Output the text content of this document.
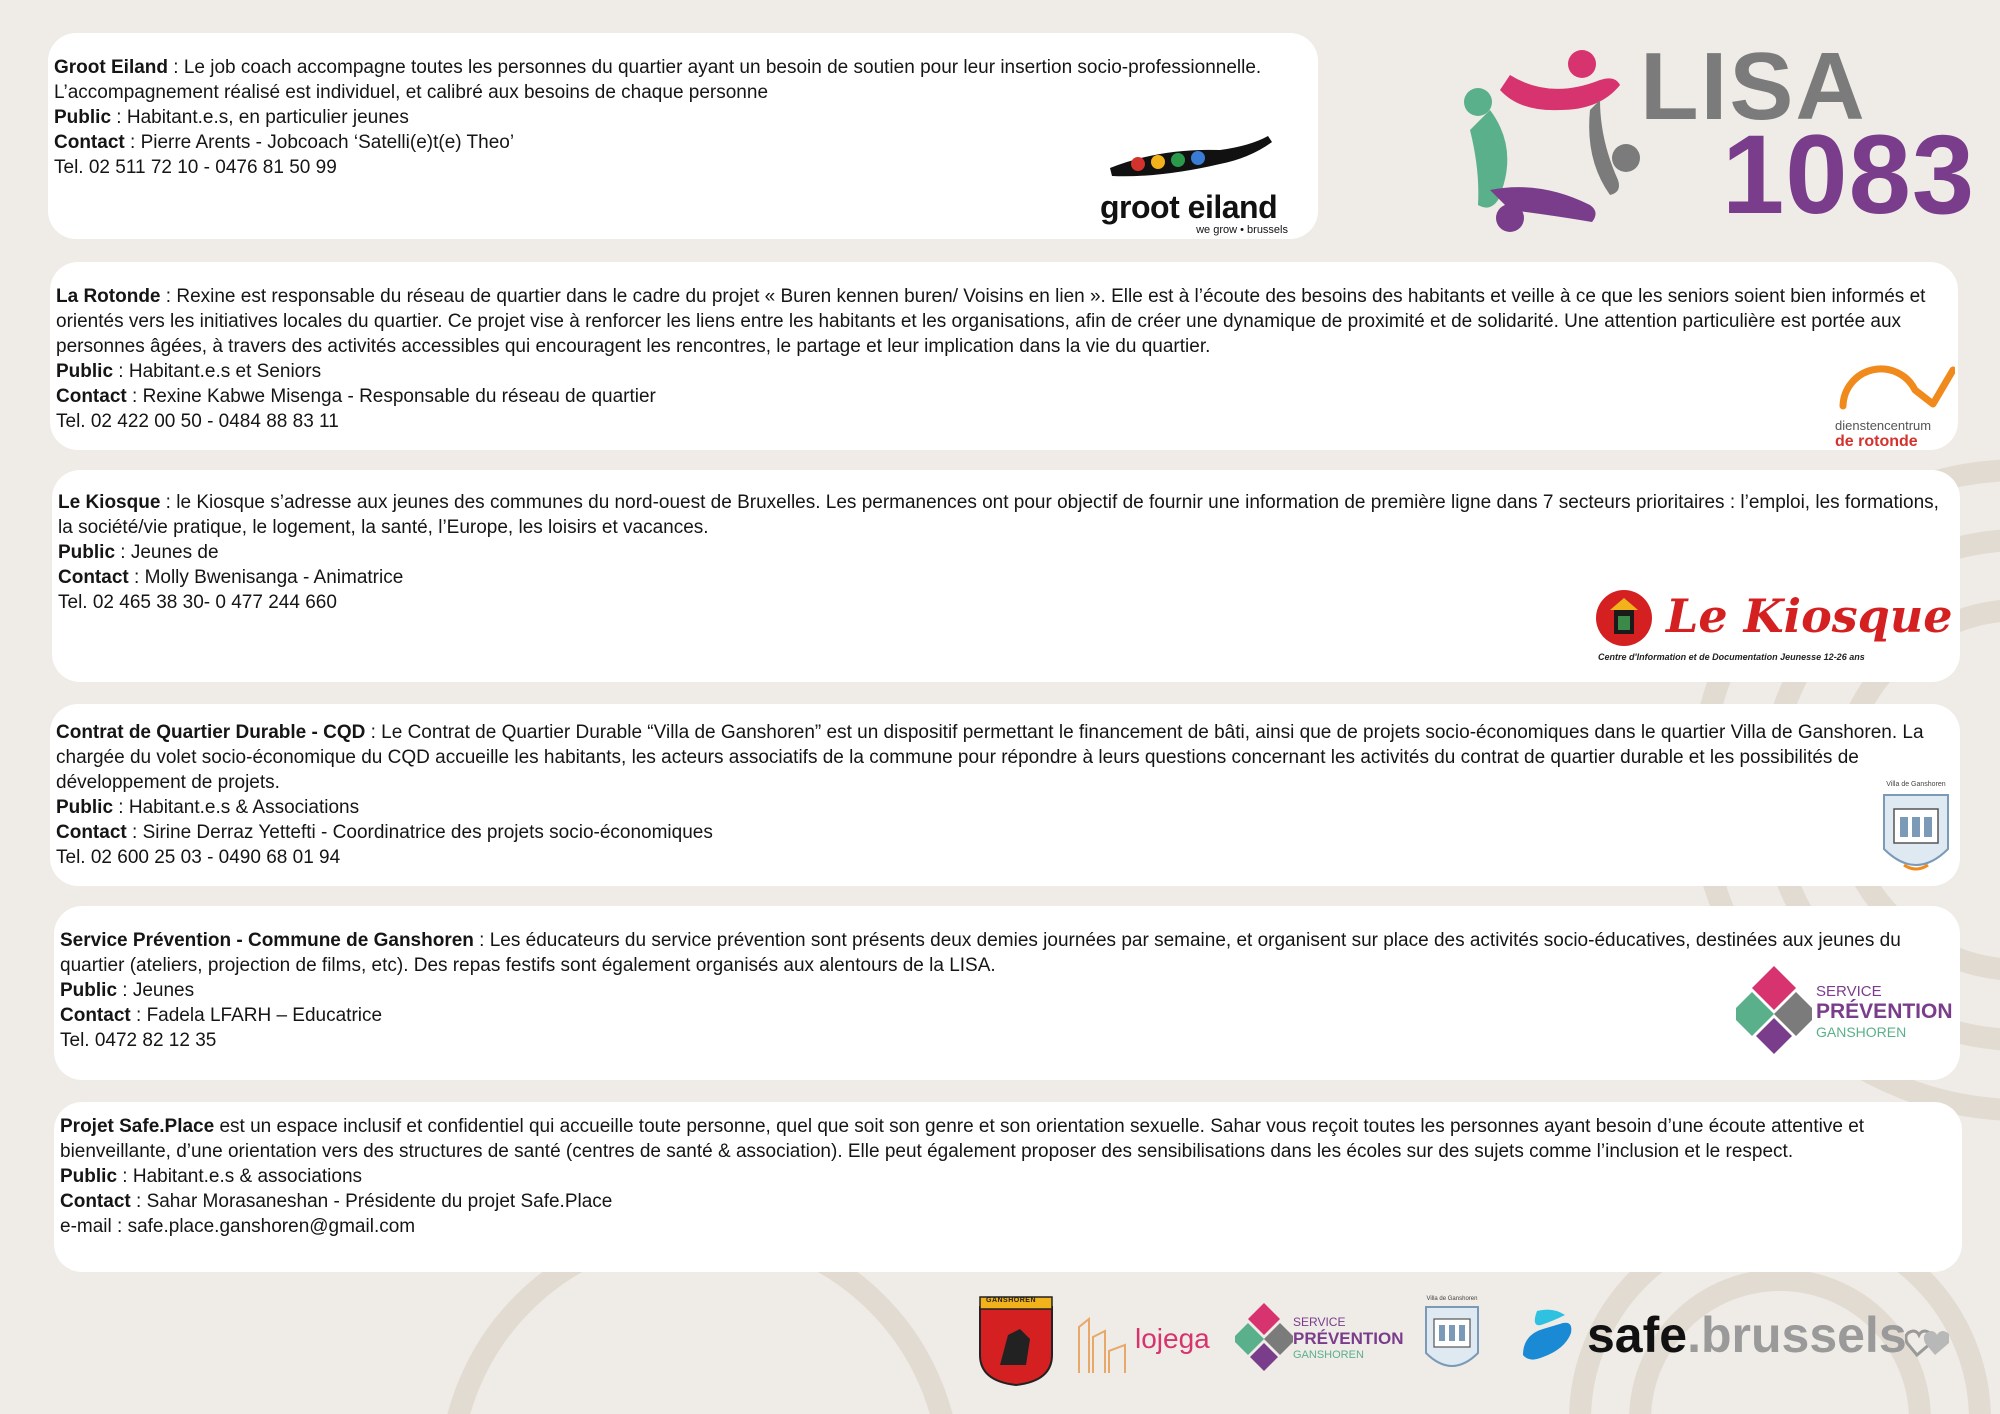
Groot Eiland : Le job coach accompagne toutes les personnes du quartier ayant un besoin de soutien pour leur insertion socio-professionnelle. L’accompagnement réalisé est individuel, et calibré aux besoins de chaque personne

Public : Habitant.e.s, en particulier jeunes

Contact : Pierre Arents - Jobcoach ‘Satelli(e)t(e) Theo’

Tel. 02 511 72 10 - 0476 81 50 99

groot eiland
we grow • brussels
LISA
1083

La Rotonde : Rexine est responsable du réseau de quartier dans le cadre du projet « Buren kennen buren/ Voisins en lien ». Elle est à l’écoute des besoins des habitants et veille à ce que les seniors soient bien informés et orientés vers les initiatives locales du quartier. Ce projet vise à renforcer les liens entre les habitants et les organisations, afin de créer une dynamique de proximité et de solidarité. Une attention particulière est portée aux personnes âgées, à travers des activités accessibles qui encouragent les rencontres, le partage et leur implication dans la vie du quartier.

Public : Habitant.e.s et Seniors

Contact : Rexine Kabwe Misenga - Responsable du réseau de quartier

Tel. 02 422 00 50 - 0484 88 83 11	dienstencentrum
de rotonde

Le Kiosque : le Kiosque s’adresse aux jeunes des communes du nord-ouest de Bruxelles. Les permanences ont pour objectif de fournir une information de première ligne dans 7 secteurs prioritaires : l’emploi, les formations, la société/vie pratique, le logement, la santé, l’Europe, les loisirs et vacances.

Public : Jeunes de

Contact : Molly Bwenisanga - Animatrice

Tel. 02 465 38 30- 0 477 244 660	Le Kiosque
Centre d'Information et de Documentation Jeunesse 12-26 ans

Contrat de Quartier Durable - CQD : Le Contrat de Quartier Durable “Villa de Ganshoren” est un dispositif permettant le financement de bâti, ainsi que de projets socio-économiques dans le quartier Villa de Ganshoren. La chargée du volet socio-économique du CQD accueille les habitants, les acteurs associatifs de la commune pour répondre à leurs questions concernant les activités du contrat de quartier durable et les possibilités de développement de projets.

Public : Habitant.e.s & Associations

Contact : Sirine Derraz Yettefti - Coordinatrice des projets socio-économiques

Tel. 02 600 25 03 - 0490 68 01 94

Villa de Ganshoren

Service Prévention - Commune de Ganshoren : Les éducateurs du service prévention sont présents deux demies journées par semaine, et organisent sur place des activités socio-éducatives, destinées aux jeunes du quartier (ateliers, projection de films, etc). Des repas festifs sont également organisés aux alentours de la LISA.

Public : Jeunes

Contact : Fadela LFARH – Educatrice

Tel. 0472 82 12 35

SERVICE
PRÉVENTION
GANSHOREN

Projet Safe.Place est un espace inclusif et confidentiel qui accueille toute personne, quel que soit son genre et son orientation sexuelle. Sahar vous reçoit toutes les personnes ayant besoin d’une écoute attentive et bienveillante, d’une orientation vers des structures de santé (centres de santé & association). Elle peut également proposer des sensibilisations dans les écoles sur des sujets comme l’inclusion et le respect.

Public : Habitant.e.s & associations

Contact : Sahar Morasaneshan - Présidente du projet Safe.Place

e-mail : safe.place.ganshoren@gmail.com

GANSHOREN
lojega
SERVICE
PRÉVENTION
GANSHOREN
Villa de Ganshoren
safe.brussels
